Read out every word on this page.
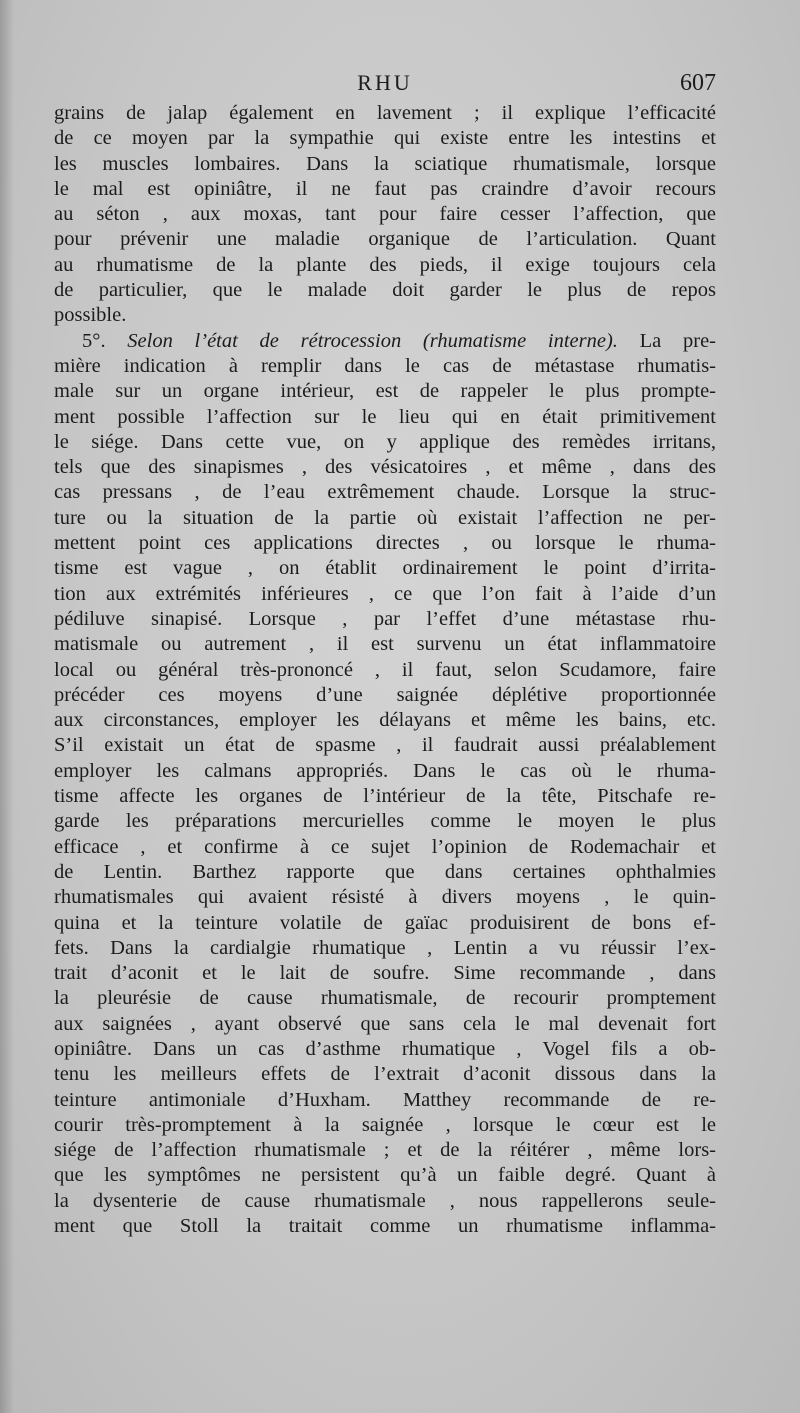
RHU	607
grains de jalap également en lavement ; il explique l’efficacité
de ce moyen par la sympathie qui existe entre les intestins et
les muscles lombaires. Dans la sciatique rhumatismale, lorsque
le mal est opiniâtre, il ne faut pas craindre d’avoir recours
au séton , aux moxas, tant pour faire cesser l’affection, que
pour prévenir une maladie organique de l’articulation. Quant
au rhumatisme de la plante des pieds, il exige toujours cela
de particulier, que le malade doit garder le plus de repos
possible.
5°. Selon l’état de rétrocession (rhumatisme interne). La pre-
mière indication à remplir dans le cas de métastase rhumatis-
male sur un organe intérieur, est de rappeler le plus prompte-
ment possible l’affection sur le lieu qui en était primitivement
le siége. Dans cette vue, on y applique des remèdes irritans,
tels que des sinapismes , des vésicatoires , et même , dans des
cas pressans , de l’eau extrêmement chaude. Lorsque la struc-
ture ou la situation de la partie où existait l’affection ne per-
mettent point ces applications directes , ou lorsque le rhuma-
tisme est vague , on établit ordinairement le point d’irrita-
tion aux extrémités inférieures , ce que l’on fait à l’aide d’un
pédiluve sinapisé. Lorsque , par l’effet d’une métastase rhu-
matismale ou autrement , il est survenu un état inflammatoire
local ou général très-prononcé , il faut, selon Scudamore, faire
précéder ces moyens d’une saignée déplétive proportionnée
aux circonstances, employer les délayans et même les bains, etc.
S’il existait un état de spasme , il faudrait aussi préalablement
employer les calmans appropriés. Dans le cas où le rhuma-
tisme affecte les organes de l’intérieur de la tête, Pitschafe re-
garde les préparations mercurielles comme le moyen le plus
efficace , et confirme à ce sujet l’opinion de Rodemachair et
de Lentin. Barthez rapporte que dans certaines ophthalmies
rhumatismales qui avaient résisté à divers moyens , le quin-
quina et la teinture volatile de gaïac produisirent de bons ef-
fets. Dans la cardialgie rhumatique , Lentin a vu réussir l’ex-
trait d’aconit et le lait de soufre. Sime recommande , dans
la pleurésie de cause rhumatismale, de recourir promptement
aux saignées , ayant observé que sans cela le mal devenait fort
opiniâtre. Dans un cas d’asthme rhumatique , Vogel fils a ob-
tenu les meilleurs effets de l’extrait d’aconit dissous dans la
teinture antimoniale d’Huxham. Matthey recommande de re-
courir très-promptement à la saignée , lorsque le cœur est le
siége de l’affection rhumatismale ; et de la réitérer , même lors-
que les symptômes ne persistent qu’à un faible degré. Quant à
la dysenterie de cause rhumatismale , nous rappellerons seule-
ment que Stoll la traitait comme un rhumatisme inflamma-
